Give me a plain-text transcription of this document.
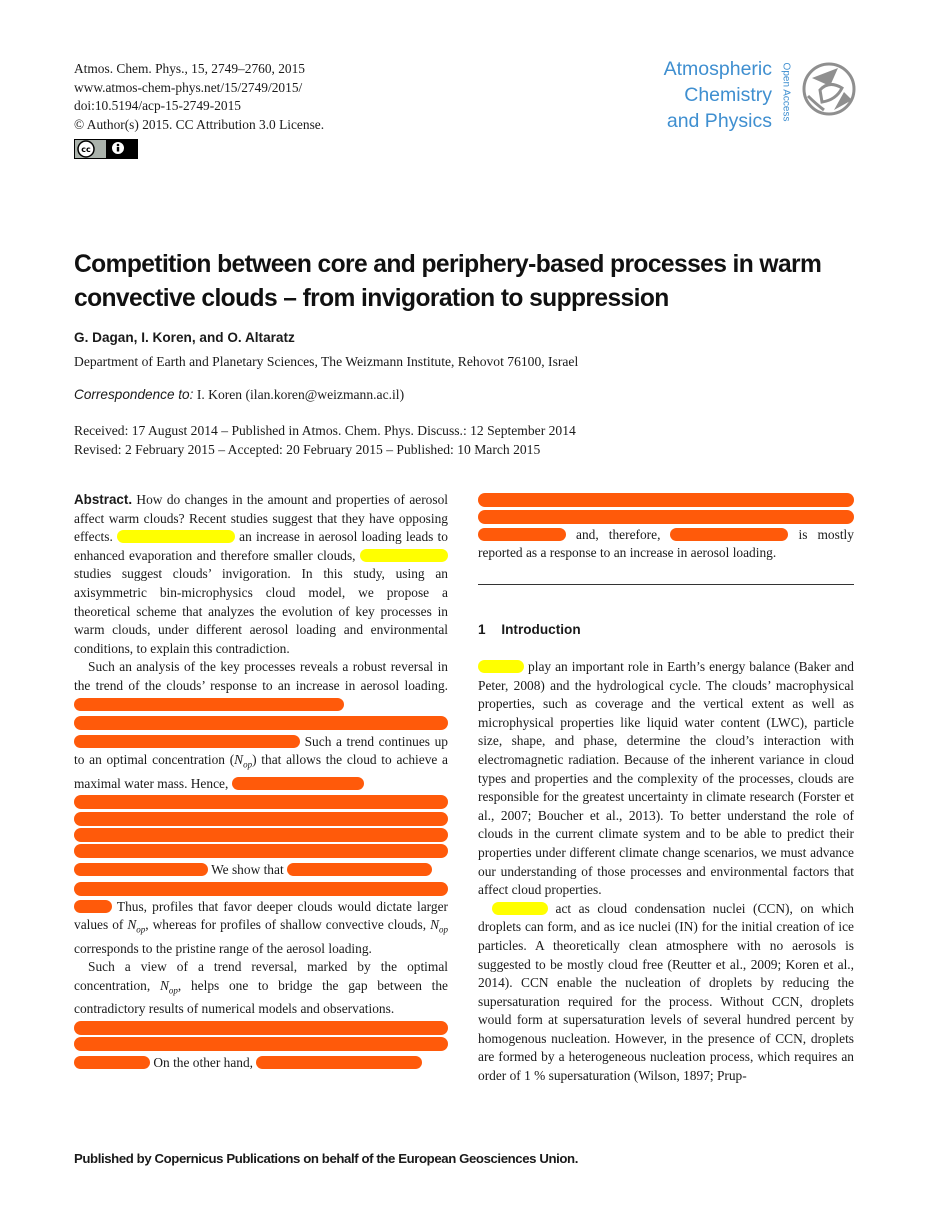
Atmos. Chem. Phys., 15, 2749–2760, 2015
www.atmos-chem-phys.net/15/2749/2015/
doi:10.5194/acp-15-2749-2015
© Author(s) 2015. CC Attribution 3.0 License.
cc
Atmospheric
Chemistry
and Physics Open Access
Competition between core and periphery-based processes in warm convective clouds – from invigoration to suppression
G. Dagan, I. Koren, and O. Altaratz
Department of Earth and Planetary Sciences, The Weizmann Institute, Rehovot 76100, Israel
Correspondence to: I. Koren (ilan.koren@weizmann.ac.il)
Received: 17 August 2014 – Published in Atmos. Chem. Phys. Discuss.: 12 September 2014
Revised: 2 February 2015 – Accepted: 20 February 2015 – Published: 10 March 2015

Abstract. How do changes in the amount and properties of aerosol affect warm clouds? Recent studies suggest that they have opposing effects.	an increase in aerosol loading leads to enhanced evaporation and therefore smaller clouds,  studies suggest clouds’ invigoration. In this study, using an axisymmetric bin-microphysics cloud model, we propose a theoretical scheme that analyzes the evolution of key processes in warm clouds, under different aerosol loading and environmental conditions, to explain this contradiction.

Such an analysis of the key processes reveals a robust reversal in the trend of the clouds’ response to an increase in aerosol loading.
Such a trend continues up to an optimal concentration $(N_{op})$ that allows the cloud to achieve a maximal water mass. Hence,
We show that
Thus, profiles that favor deeper clouds would dictate larger values of $N_{op}$, whereas for profiles of shallow convective clouds, $N_{op}$ corresponds to the pristine range of the aerosol loading.

Such a view of a trend reversal, marked by the optimal concentration, $N_{op}$, helps one to bridge the gap between the contradictory results of numerical models and observations.
On the other hand,

and, therefore,	is mostly reported as a response to an increase in aerosol loading.
1 Introduction

play an important role in Earth’s energy balance (Baker and Peter, 2008) and the hydrological cycle. The clouds’ macrophysical properties, such as coverage and the vertical extent as well as microphysical properties like liquid water content (LWC), particle size, shape, and phase, determine the cloud’s interaction with electromagnetic radiation. Because of the inherent variance in cloud types and properties and the complexity of the processes, clouds are responsible for the greatest uncertainty in climate research (Forster et al., 2007; Boucher et al., 2013). To better understand the role of clouds in the current climate system and to be able to predict their properties under different climate change scenarios, we must advance our understanding of those processes and environmental factors that affect cloud properties.

act as cloud condensation nuclei (CCN), on which droplets can form, and as ice nuclei (IN) for the initial creation of ice particles. A theoretically clean atmosphere with no aerosols is suggested to be mostly cloud free (Reutter et al., 2009; Koren et al., 2014). CCN enable the nucleation of droplets by reducing the supersaturation required for the process. Without CCN, droplets would form at supersaturation levels of several hundred percent by homogenous nucleation. However, in the presence of CCN, droplets are formed by a heterogeneous nucleation process, which requires an order of 1 % supersaturation (Wilson, 1897; Prup-

Published by Copernicus Publications on behalf of the European Geosciences Union.
